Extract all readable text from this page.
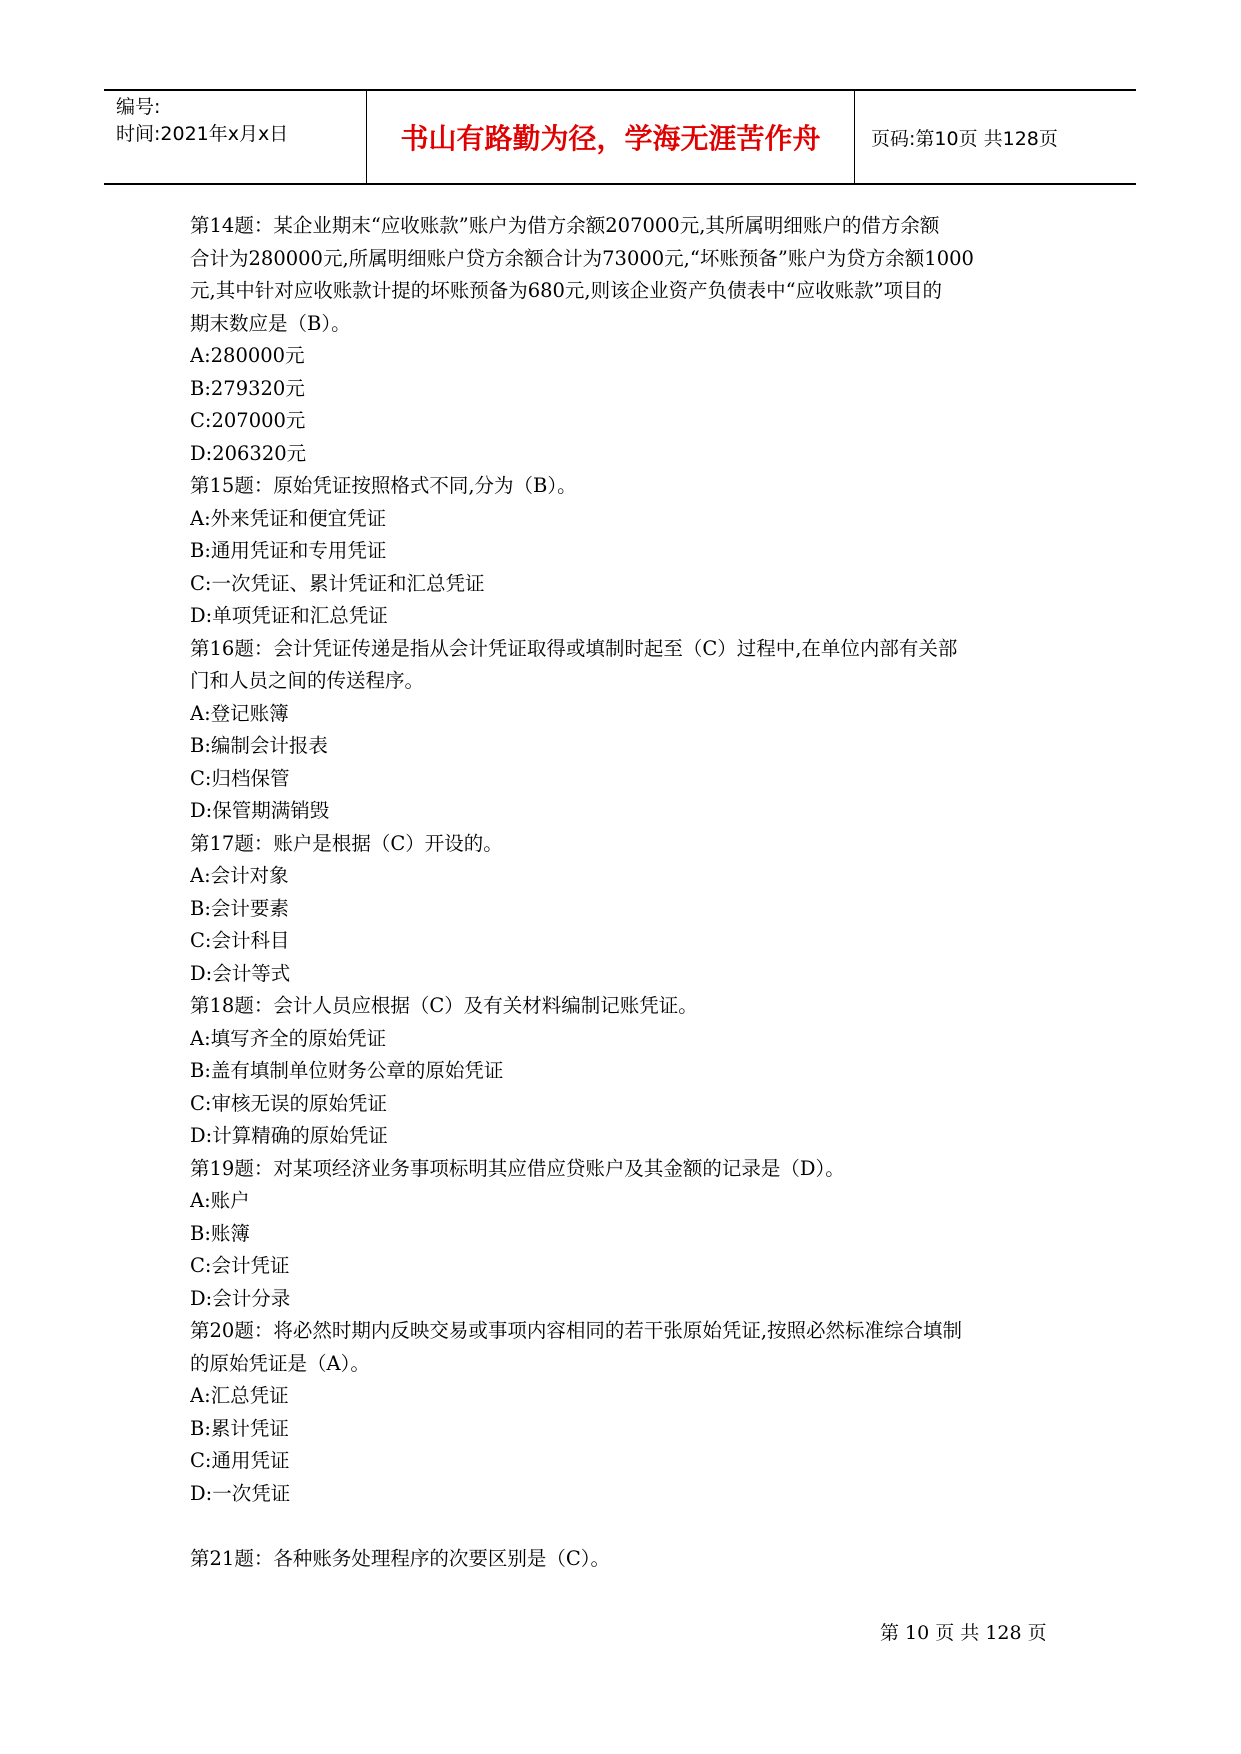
编号:
时间:2021年x月x日	书山有路勤为径，学海无涯苦作舟	页码:第10页 共128页
第14题：某企业期末“应收账款”账户为借方余额207000元,其所属明细账户的借方余额
合计为280000元,所属明细账户贷方余额合计为73000元,“坏账预备”账户为贷方余额1000
元,其中针对应收账款计提的坏账预备为680元,则该企业资产负债表中“应收账款”项目的
期末数应是（B）。
A:280000元
B:279320元
C:207000元
D:206320元
第15题：原始凭证按照格式不同,分为（B）。
A:外来凭证和便宜凭证
B:通用凭证和专用凭证
C:一次凭证、累计凭证和汇总凭证
D:单项凭证和汇总凭证
第16题：会计凭证传递是指从会计凭证取得或填制时起至（C）过程中,在单位内部有关部
门和人员之间的传送程序。
A:登记账簿
B:编制会计报表
C:归档保管
D:保管期满销毁
第17题：账户是根据（C）开设的。
A:会计对象
B:会计要素
C:会计科目
D:会计等式
第18题：会计人员应根据（C）及有关材料编制记账凭证。
A:填写齐全的原始凭证
B:盖有填制单位财务公章的原始凭证
C:审核无误的原始凭证
D:计算精确的原始凭证
第19题：对某项经济业务事项标明其应借应贷账户及其金额的记录是（D）。
A:账户
B:账簿
C:会计凭证
D:会计分录
第20题：将必然时期内反映交易或事项内容相同的若干张原始凭证,按照必然标准综合填制
的原始凭证是（A）。
A:汇总凭证
B:累计凭证
C:通用凭证
D:一次凭证
第21题：各种账务处理程序的次要区别是（C）。
第 10 页 共 128 页
